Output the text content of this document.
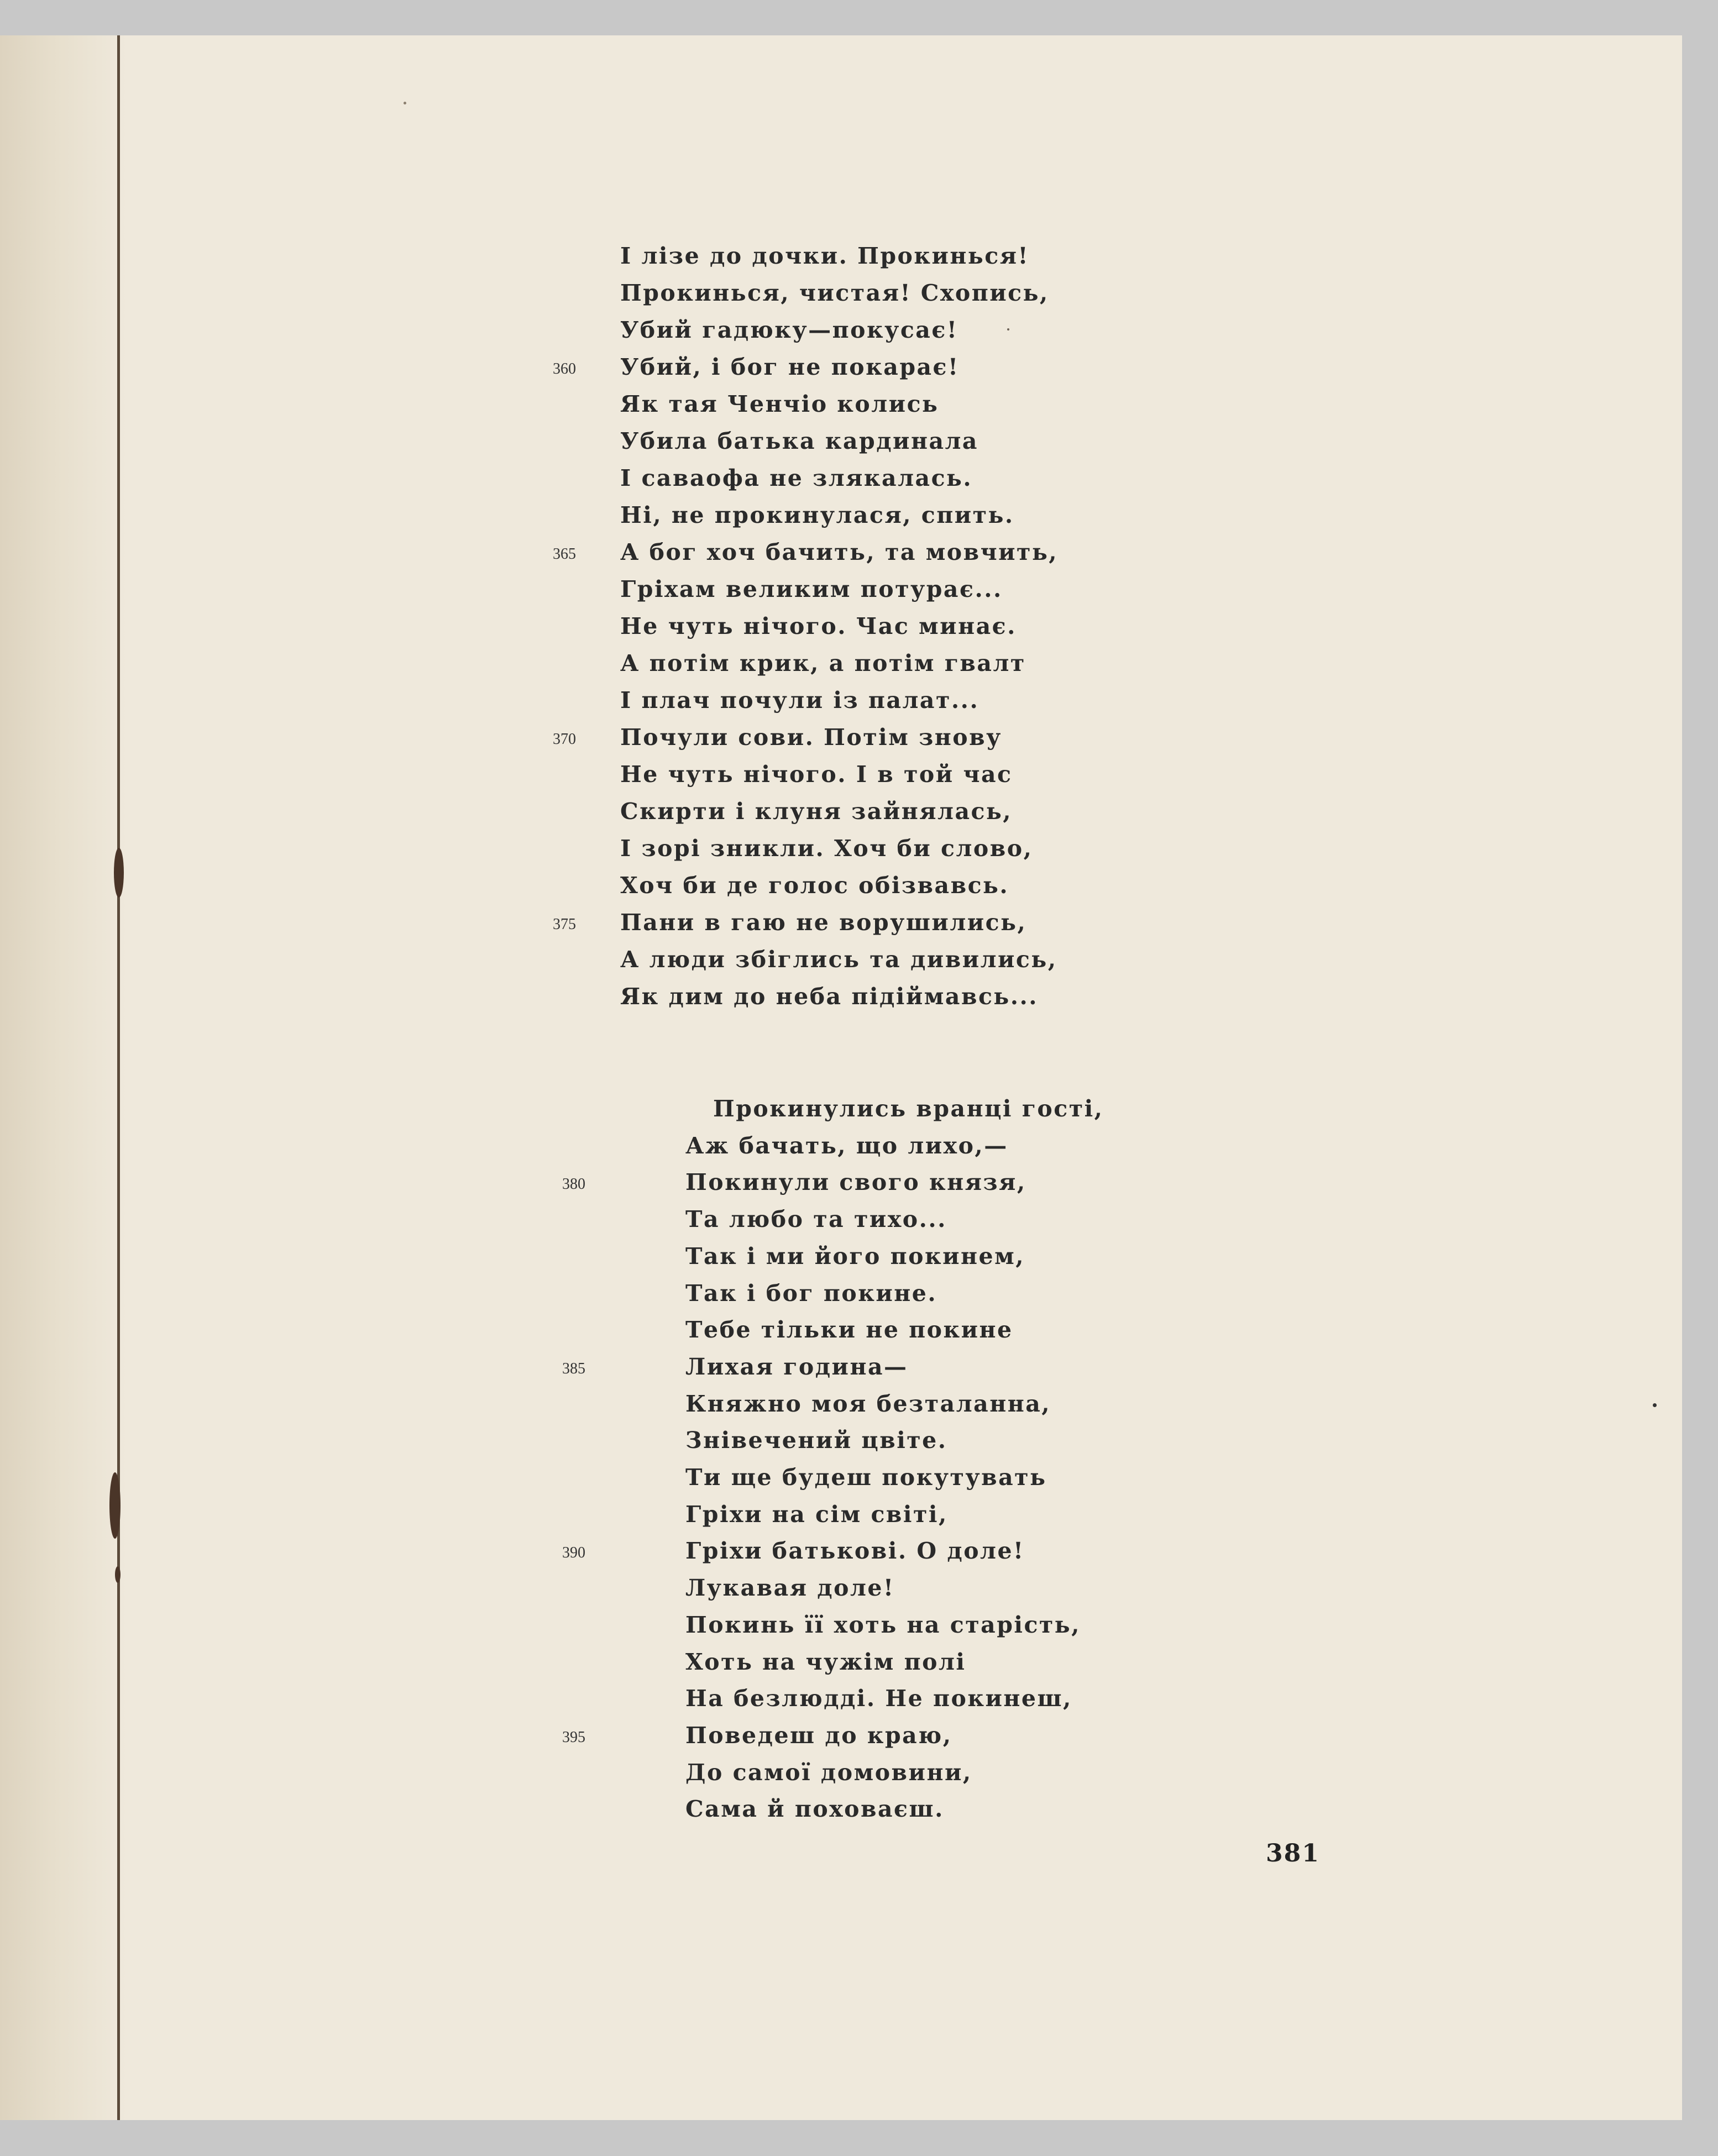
І лізе до дочки. Прокинься!
Прокинься, чистая! Схопись,
Убий гадюку—покусає!
Убий, і бог не покарає!
360
Як тая Ченчіо колись
Убила батька кардинала
І саваофа не злякалась.
Ні, не прокинулася, спить.
А бог хоч бачить, та мовчить,
365
Гріхам великим потурає...
Не чуть нічого. Час минає.
А потім крик, а потім гвалт
І плач почули із палат...
Почули сови. Потім знову
370
Не чуть нічого. І в той час
Скирти і клуня зайнялась,
І зорі зникли. Хоч би слово,
Хоч би де голос обізвавсь.
Пани в гаю не ворушились,
375
А люди збіглись та дивились,
Як дим до неба підіймавсь...
Прокинулись вранці гості,
Аж бачать, що лихо,—
Покинули свого князя,
380
Та любо та тихо...
Так і ми його покинем,
Так і бог покине.
Тебе тільки не покине
Лихая година—
385
Княжно моя безталанна,
Знівечений цвіте.
Ти ще будеш покутувать
Гріхи на сім світі,
Гріхи батькові. О доле!
390
Лукавая доле!
Покинь її хоть на старість,
Хоть на чужім полі
На безлюдді. Не покинеш,
Поведеш до краю,
395
До самої домовини,
Сама й поховаєш.
381
